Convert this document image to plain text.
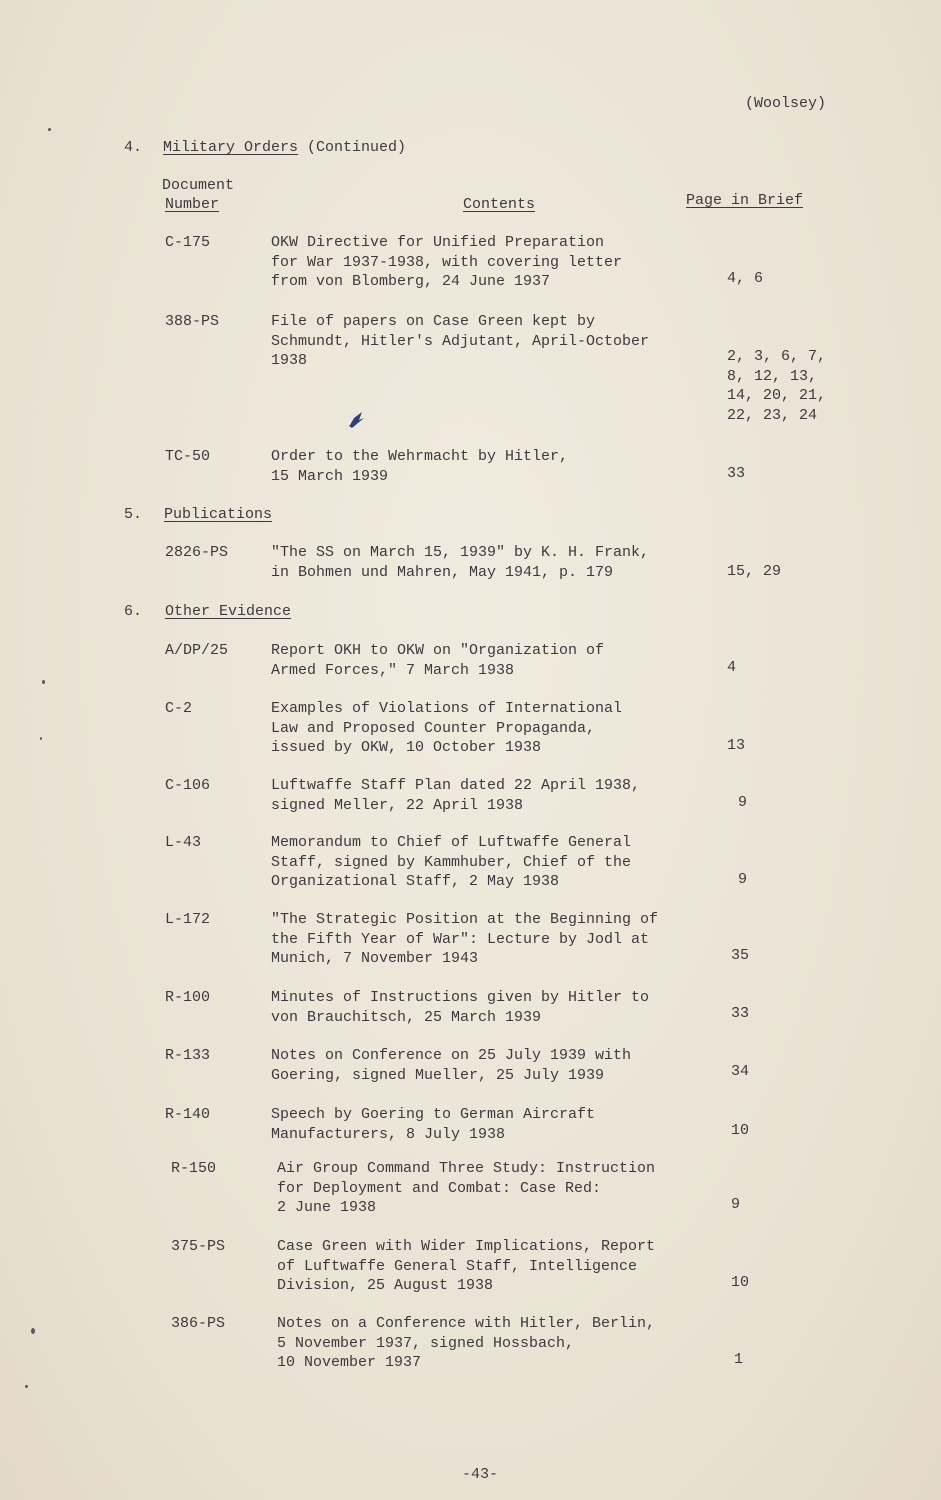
(Woolsey)
4. Military Orders (Continued)
Document
Number	Contents	Page in Brief
C-175	OKW Directive for Unified Preparation
for War 1937-1938, with covering letter
from von Blomberg, 24 June 1937	4, 6
388-PS	File of papers on Case Green kept by
Schmundt, Hitler's Adjutant, April-October
1938	2, 3, 6, 7,
8, 12, 13,
14, 20, 21,
22, 23, 24
TC-50	Order to the Wehrmacht by Hitler,
15 March 1939	33
5. Publications
2826-PS	"The SS on March 15, 1939" by K. H. Frank,
in Bohmen und Mahren, May 1941, p. 179	15, 29
6. Other Evidence
A/DP/25	Report OKH to OKW on "Organization of
Armed Forces," 7 March 1938	4
C-2	Examples of Violations of International
Law and Proposed Counter Propaganda,
issued by OKW, 10 October 1938	13
C-106	Luftwaffe Staff Plan dated 22 April 1938,
signed Meller, 22 April 1938	9
L-43	Memorandum to Chief of Luftwaffe General
Staff, signed by Kammhuber, Chief of the
Organizational Staff, 2 May 1938	9
L-172	"The Strategic Position at the Beginning of
the Fifth Year of War": Lecture by Jodl at
Munich, 7 November 1943	35
R-100	Minutes of Instructions given by Hitler to
von Brauchitsch, 25 March 1939	33
R-133	Notes on Conference on 25 July 1939 with
Goering, signed Mueller, 25 July 1939	34
R-140	Speech by Goering to German Aircraft
Manufacturers, 8 July 1938	10
R-150	Air Group Command Three Study: Instruction
for Deployment and Combat: Case Red:
2 June 1938	9
375-PS	Case Green with Wider Implications, Report
of Luftwaffe General Staff, Intelligence
Division, 25 August 1938	10
386-PS	Notes on a Conference with Hitler, Berlin,
5 November 1937, signed Hossbach,
10 November 1937	1
-43-
